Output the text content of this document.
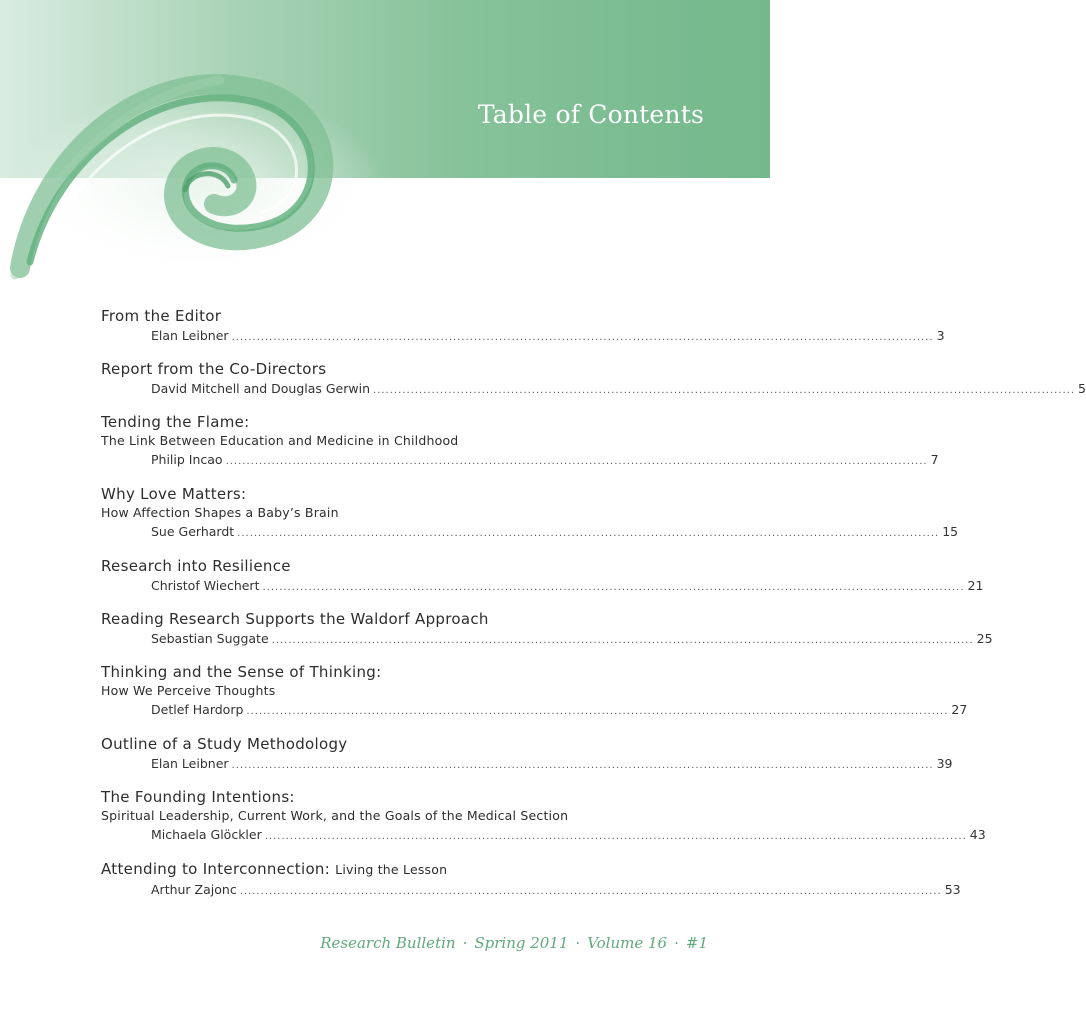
Table of Contents
From the Editor
Elan Leibner ........................................................................................................................................................................ 3
Report from the Co-Directors
David Mitchell and Douglas Gerwin ........................................................................................................................................................................ 5
Tending the Flame:
The Link Between Education and Medicine in Childhood
Philip Incao ........................................................................................................................................................................ 7
Why Love Matters:
How Affection Shapes a Baby’s Brain
Sue Gerhardt ........................................................................................................................................................................ 15
Research into Resilience
Christof Wiechert ........................................................................................................................................................................ 21
Reading Research Supports the Waldorf Approach
Sebastian Suggate ........................................................................................................................................................................ 25
Thinking and the Sense of Thinking:
How We Perceive Thoughts
Detlef Hardorp ........................................................................................................................................................................ 27
Outline of a Study Methodology
Elan Leibner ........................................................................................................................................................................ 39
The Founding Intentions:
Spiritual Leadership, Current Work, and the Goals of the Medical Section
Michaela Glöckler ........................................................................................................................................................................ 43
Attending to Interconnection: Living the Lesson
Arthur Zajonc ........................................................................................................................................................................ 53
Research Bulletin · Spring 2011 · Volume 16 · #1
